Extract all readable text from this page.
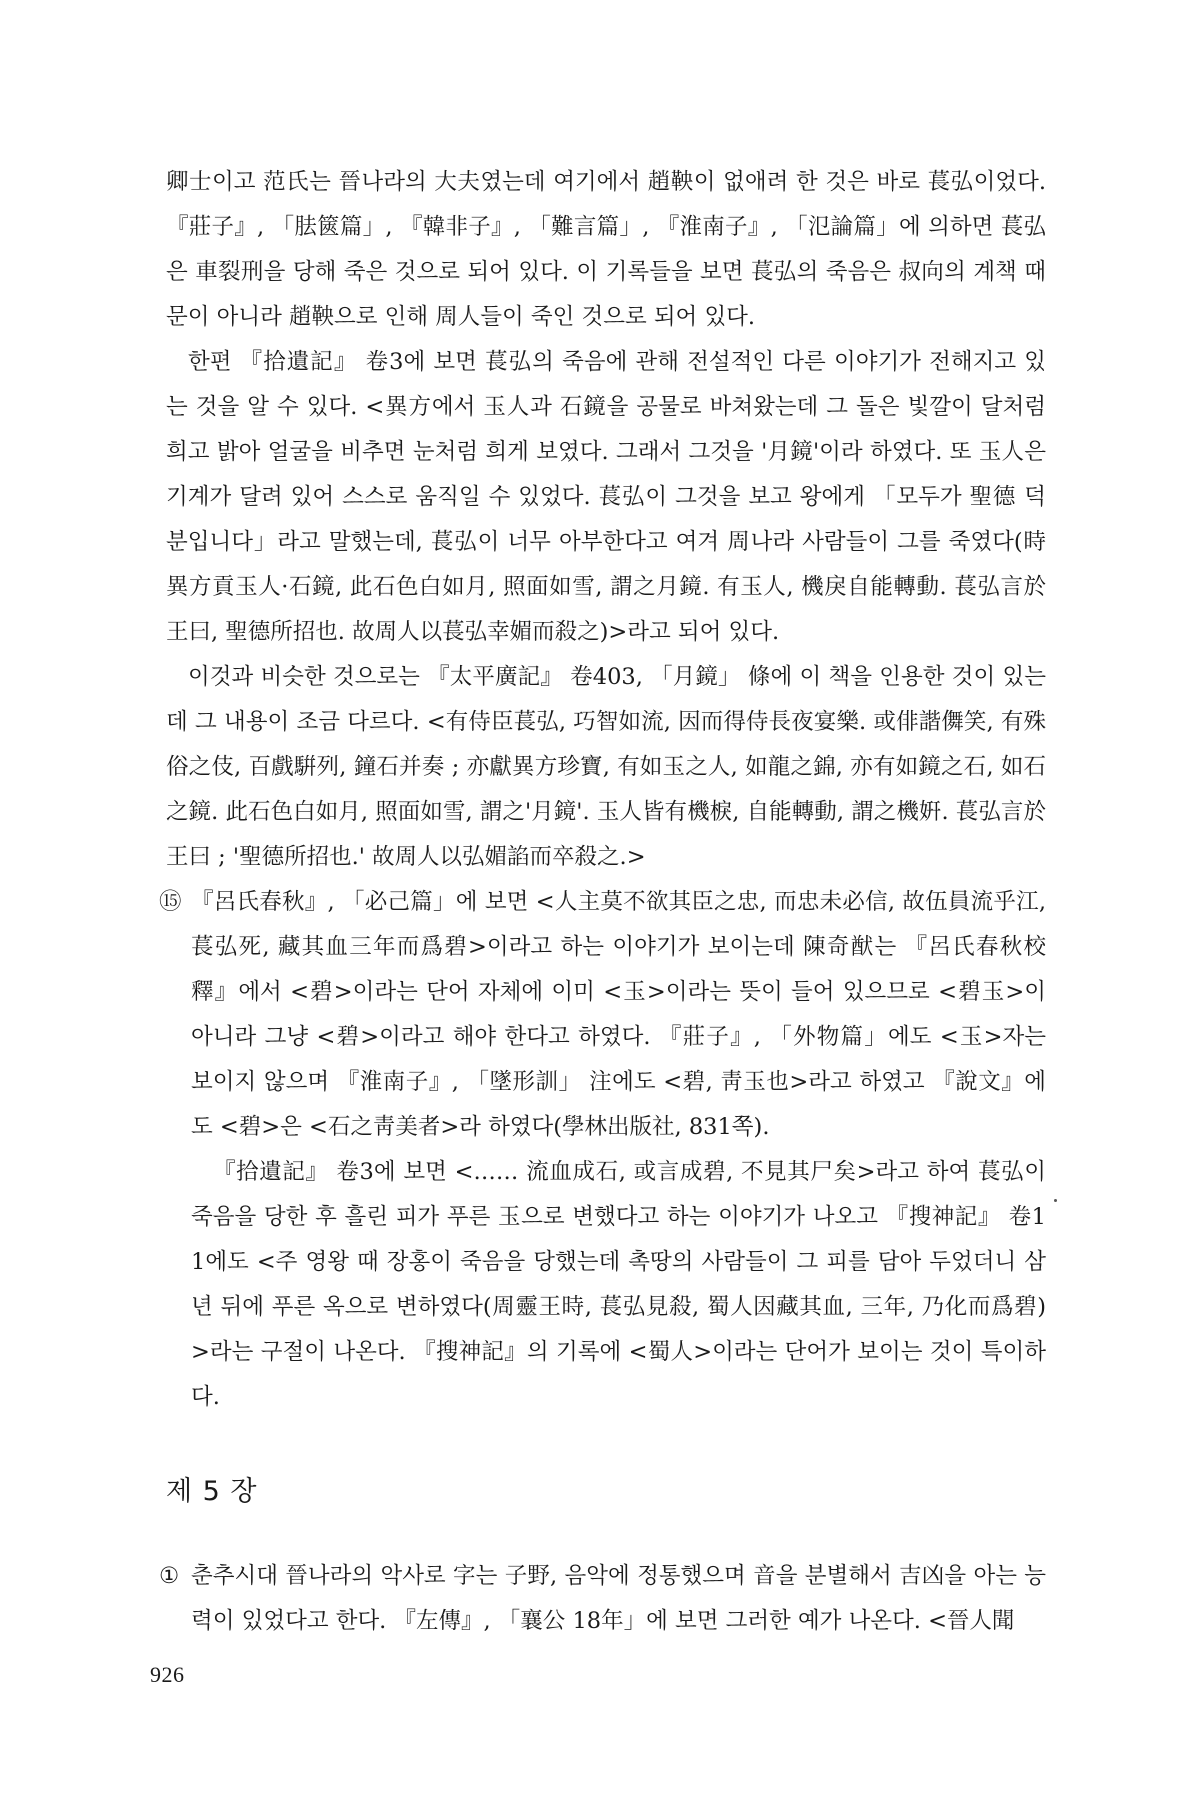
卿士이고 范氏는 晉나라의 大夫였는데 여기에서 趙鞅이 없애려 한 것은 바로 萇弘이었다. 『莊子』, 「胠篋篇」, 『韓非子』, 「難言篇」, 『淮南子』, 「氾論篇」에 의하면 萇弘은 車裂刑을 당해 죽은 것으로 되어 있다. 이 기록들을 보면 萇弘의 죽음은 叔向의 계책 때문이 아니라 趙鞅으로 인해 周人들이 죽인 것으로 되어 있다.

한편 『拾遺記』 卷3에 보면 萇弘의 죽음에 관해 전설적인 다른 이야기가 전해지고 있는 것을 알 수 있다. <異方에서 玉人과 石鏡을 공물로 바쳐왔는데 그 돌은 빛깔이 달처럼 희고 밝아 얼굴을 비추면 눈처럼 희게 보였다. 그래서 그것을 '月鏡'이라 하였다. 또 玉人은 기계가 달려 있어 스스로 움직일 수 있었다. 萇弘이 그것을 보고 왕에게 「모두가 聖德 덕분입니다」라고 말했는데, 萇弘이 너무 아부한다고 여겨 周나라 사람들이 그를 죽였다(時異方貢玉人·石鏡, 此石色白如月, 照面如雪, 謂之月鏡. 有玉人, 機戾自能轉動. 萇弘言於王曰, 聖德所招也. 故周人以萇弘幸媚而殺之)>라고 되어 있다.

이것과 비슷한 것으로는 『太平廣記』 卷403, 「月鏡」 條에 이 책을 인용한 것이 있는데 그 내용이 조금 다르다. <有侍臣萇弘, 巧智如流, 因而得侍長夜宴樂. 或俳諧儛笑, 有殊俗之伎, 百戲騈列, 鐘石并奏 ; 亦獻異方珍寶, 有如玉之人, 如龍之錦, 亦有如鏡之石, 如石之鏡. 此石色白如月, 照面如雪, 謂之'月鏡'. 玉人皆有機棙, 自能轉動, 謂之機姸. 萇弘言於王曰 ; '聖德所招也.' 故周人以弘媚諂而卒殺之.>

⑮ 『呂氏春秋』, 「必己篇」에 보면 <人主莫不欲其臣之忠, 而忠未必信, 故伍員流乎江, 萇弘死, 藏其血三年而爲碧>이라고 하는 이야기가 보이는데 陳奇猷는 『呂氏春秋校釋』에서 <碧>이라는 단어 자체에 이미 <玉>이라는 뜻이 들어 있으므로 <碧玉>이 아니라 그냥 <碧>이라고 해야 한다고 하였다. 『莊子』, 「外物篇」에도 <玉>자는 보이지 않으며 『淮南子』, 「墜形訓」 注에도 <碧, 靑玉也>라고 하였고 『說文』에도 <碧>은 <石之靑美者>라 하였다(學林出版社, 831쪽).

『拾遺記』 卷3에 보면 <…… 流血成石, 或言成碧, 不見其尸矣>라고 하여 萇弘이 죽음을 당한 후 흘린 피가 푸른 玉으로 변했다고 하는 이야기가 나오고 『搜神記』 卷11에도 <주 영왕 때 장홍이 죽음을 당했는데 촉땅의 사람들이 그 피를 담아 두었더니 삼 년 뒤에 푸른 옥으로 변하였다(周靈王時, 萇弘見殺, 蜀人因藏其血, 三年, 乃化而爲碧)>라는 구절이 나온다. 『搜神記』의 기록에 <蜀人>이라는 단어가 보이는 것이 특이하다.

제 5 장
① 춘추시대 晉나라의 악사로 字는 子野, 음악에 정통했으며 音을 분별해서 吉凶을 아는 능력이 있었다고 한다. 『左傳』, 「襄公 18年」에 보면 그러한 예가 나온다. <晉人聞

926
